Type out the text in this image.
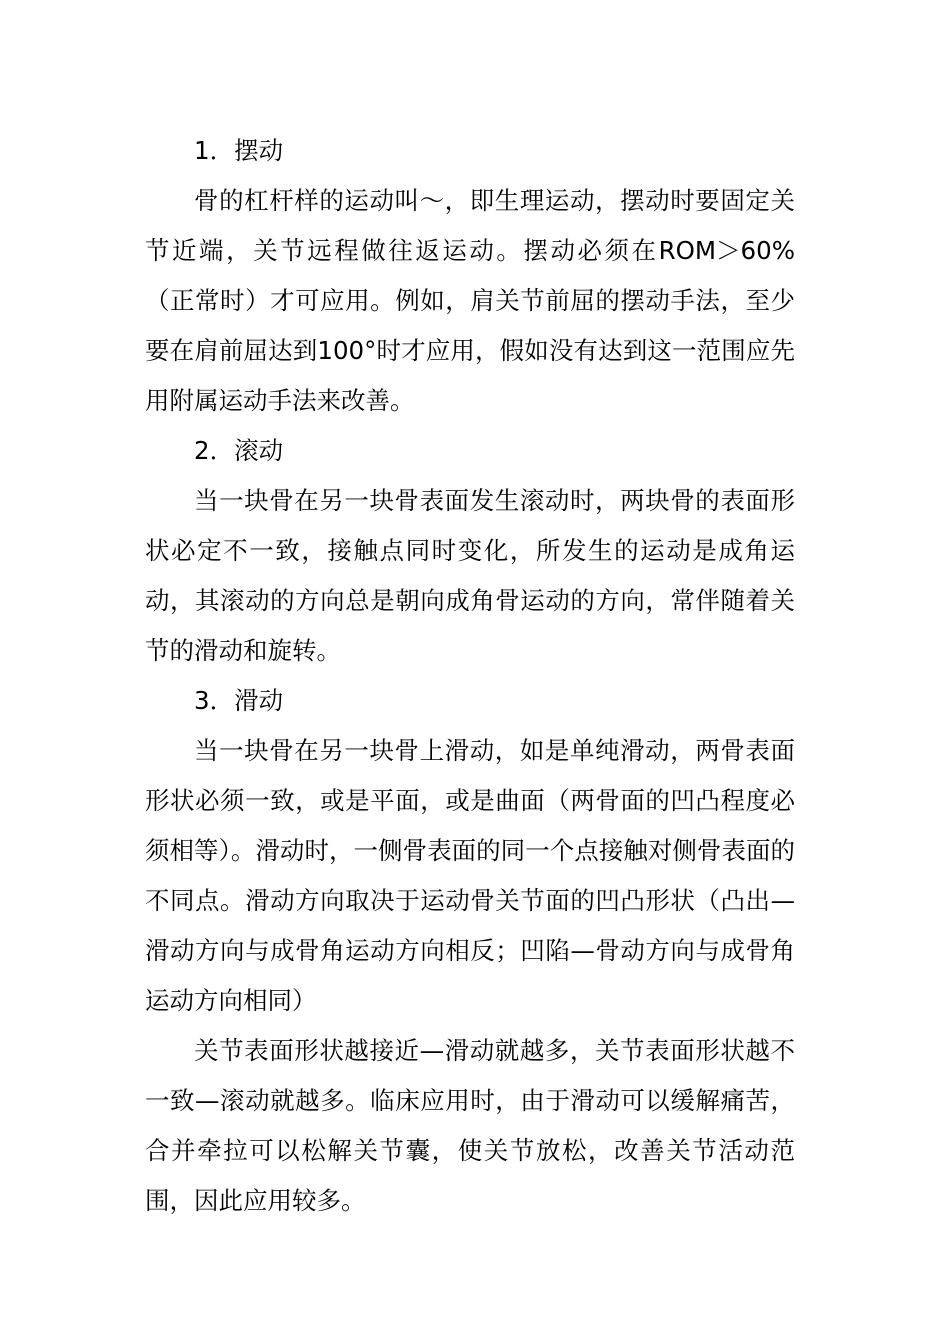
1．摆动

骨的杠杆样的运动叫～，即生理运动，摆动时要固定关节近端，关节远程做往返运动。摆动必须在ROM＞60%（正常时）才可应用。例如，肩关节前屈的摆动手法，至少要在肩前屈达到100°时才应用，假如没有达到这一范围应先用附属运动手法来改善。

2．滚动

当一块骨在另一块骨表面发生滚动时，两块骨的表面形状必定不一致，接触点同时变化，所发生的运动是成角运动，其滚动的方向总是朝向成角骨运动的方向，常伴随着关节的滑动和旋转。

3．滑动

当一块骨在另一块骨上滑动，如是单纯滑动，两骨表面形状必须一致，或是平面，或是曲面（两骨面的凹凸程度必须相等）。滑动时，一侧骨表面的同一个点接触对侧骨表面的不同点。滑动方向取决于运动骨关节面的凹凸形状（凸出—滑动方向与成骨角运动方向相反；凹陷—骨动方向与成骨角运动方向相同）

关节表面形状越接近—滑动就越多，关节表面形状越不一致—滚动就越多。临床应用时，由于滑动可以缓解痛苦，合并牵拉可以松解关节囊，使关节放松，改善关节活动范围，因此应用较多。
